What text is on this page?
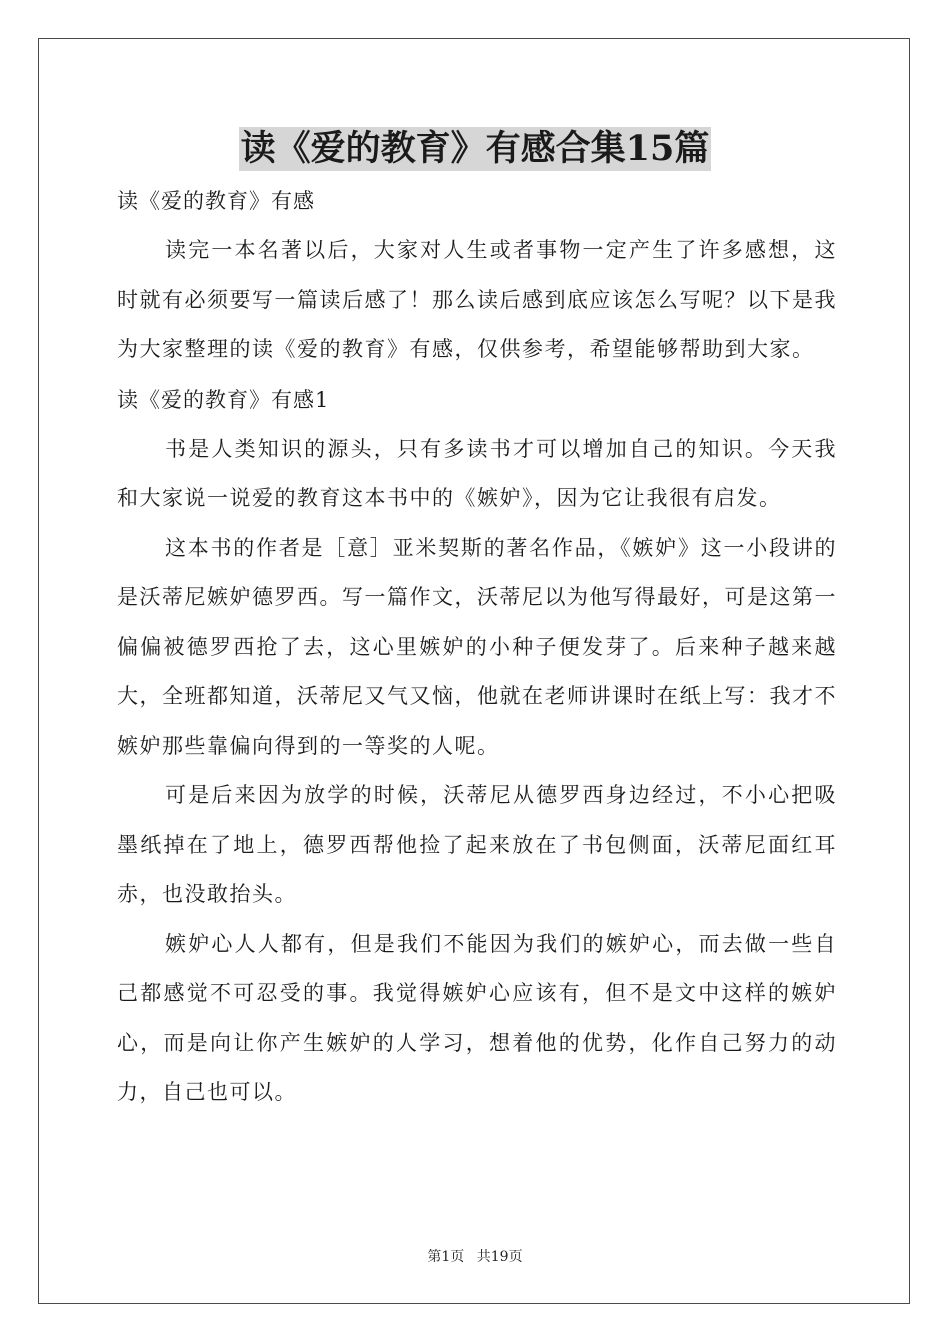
读《爱的教育》有感合集15篇

读《爱的教育》有感

读完一本名著以后，大家对人生或者事物一定产生了许多感想，这时就有必须要写一篇读后感了！那么读后感到底应该怎么写呢？以下是我为大家整理的读《爱的教育》有感，仅供参考，希望能够帮助到大家。

读《爱的教育》有感1

书是人类知识的源头，只有多读书才可以增加自己的知识。今天我和大家说一说爱的教育这本书中的《嫉妒》，因为它让我很有启发。

这本书的作者是［意］亚米契斯的著名作品，《嫉妒》这一小段讲的是沃蒂尼嫉妒德罗西。写一篇作文，沃蒂尼以为他写得最好，可是这第一偏偏被德罗西抢了去，这心里嫉妒的小种子便发芽了。后来种子越来越大，全班都知道，沃蒂尼又气又恼，他就在老师讲课时在纸上写：我才不嫉妒那些靠偏向得到的一等奖的人呢。

可是后来因为放学的时候，沃蒂尼从德罗西身边经过，不小心把吸墨纸掉在了地上，德罗西帮他捡了起来放在了书包侧面，沃蒂尼面红耳赤，也没敢抬头。

嫉妒心人人都有，但是我们不能因为我们的嫉妒心，而去做一些自己都感觉不可忍受的事。我觉得嫉妒心应该有，但不是文中这样的嫉妒心，而是向让你产生嫉妒的人学习，想着他的优势，化作自己努力的动力，自己也可以。

第1页 共19页
